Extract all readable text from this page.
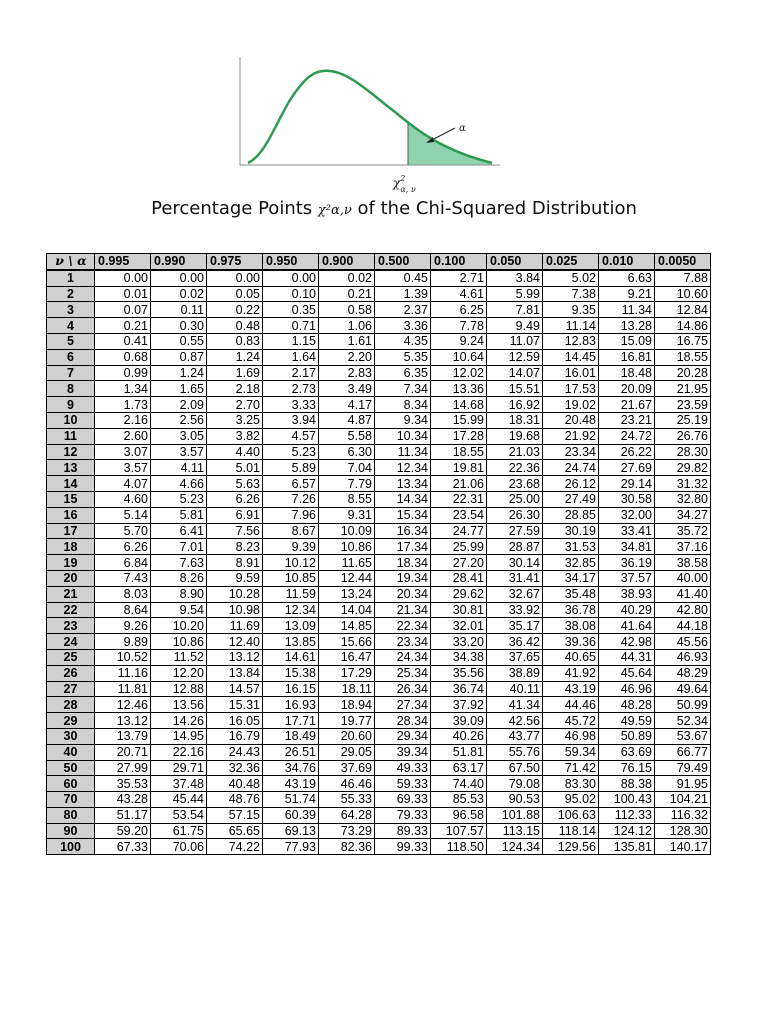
α
$\chi^2$ α, ν
Percentage Points χ²α,ν of the Chi-Squared Distribution
ν \ α	0.995	0.990	0.975	0.950	0.900	0.500	0.100	0.050	0.025	0.010	0.0050
1	0.00	0.00	0.00	0.00	0.02	0.45	2.71	3.84	5.02	6.63	7.88
2	0.01	0.02	0.05	0.10	0.21	1.39	4.61	5.99	7.38	9.21	10.60
3	0.07	0.11	0.22	0.35	0.58	2.37	6.25	7.81	9.35	11.34	12.84
4	0.21	0.30	0.48	0.71	1.06	3.36	7.78	9.49	11.14	13.28	14.86
5	0.41	0.55	0.83	1.15	1.61	4.35	9.24	11.07	12.83	15.09	16.75
6	0.68	0.87	1.24	1.64	2.20	5.35	10.64	12.59	14.45	16.81	18.55
7	0.99	1.24	1.69	2.17	2.83	6.35	12.02	14.07	16.01	18.48	20.28
8	1.34	1.65	2.18	2.73	3.49	7.34	13.36	15.51	17.53	20.09	21.95
9	1.73	2.09	2.70	3.33	4.17	8.34	14.68	16.92	19.02	21.67	23.59
10	2.16	2.56	3.25	3.94	4.87	9.34	15.99	18.31	20.48	23.21	25.19
11	2.60	3.05	3.82	4.57	5.58	10.34	17.28	19.68	21.92	24.72	26.76
12	3.07	3.57	4.40	5.23	6.30	11.34	18.55	21.03	23.34	26.22	28.30
13	3.57	4.11	5.01	5.89	7.04	12.34	19.81	22.36	24.74	27.69	29.82
14	4.07	4.66	5.63	6.57	7.79	13.34	21.06	23.68	26.12	29.14	31.32
15	4.60	5.23	6.26	7.26	8.55	14.34	22.31	25.00	27.49	30.58	32.80
16	5.14	5.81	6.91	7.96	9.31	15.34	23.54	26.30	28.85	32.00	34.27
17	5.70	6.41	7.56	8.67	10.09	16.34	24.77	27.59	30.19	33.41	35.72
18	6.26	7.01	8.23	9.39	10.86	17.34	25.99	28.87	31.53	34.81	37.16
19	6.84	7.63	8.91	10.12	11.65	18.34	27.20	30.14	32.85	36.19	38.58
20	7.43	8.26	9.59	10.85	12.44	19.34	28.41	31.41	34.17	37.57	40.00
21	8.03	8.90	10.28	11.59	13.24	20.34	29.62	32.67	35.48	38.93	41.40
22	8.64	9.54	10.98	12.34	14.04	21.34	30.81	33.92	36.78	40.29	42.80
23	9.26	10.20	11.69	13.09	14.85	22.34	32.01	35.17	38.08	41.64	44.18
24	9.89	10.86	12.40	13.85	15.66	23.34	33.20	36.42	39.36	42.98	45.56
25	10.52	11.52	13.12	14.61	16.47	24.34	34.38	37.65	40.65	44.31	46.93
26	11.16	12.20	13.84	15.38	17.29	25.34	35.56	38.89	41.92	45.64	48.29
27	11.81	12.88	14.57	16.15	18.11	26.34	36.74	40.11	43.19	46.96	49.64
28	12.46	13.56	15.31	16.93	18.94	27.34	37.92	41.34	44.46	48.28	50.99
29	13.12	14.26	16.05	17.71	19.77	28.34	39.09	42.56	45.72	49.59	52.34
30	13.79	14.95	16.79	18.49	20.60	29.34	40.26	43.77	46.98	50.89	53.67
40	20.71	22.16	24.43	26.51	29.05	39.34	51.81	55.76	59.34	63.69	66.77
50	27.99	29.71	32.36	34.76	37.69	49.33	63.17	67.50	71.42	76.15	79.49
60	35.53	37.48	40.48	43.19	46.46	59.33	74.40	79.08	83.30	88.38	91.95
70	43.28	45.44	48.76	51.74	55.33	69.33	85.53	90.53	95.02	100.43	104.21
80	51.17	53.54	57.15	60.39	64.28	79.33	96.58	101.88	106.63	112.33	116.32
90	59.20	61.75	65.65	69.13	73.29	89.33	107.57	113.15	118.14	124.12	128.30
100	67.33	70.06	74.22	77.93	82.36	99.33	118.50	124.34	129.56	135.81	140.17
